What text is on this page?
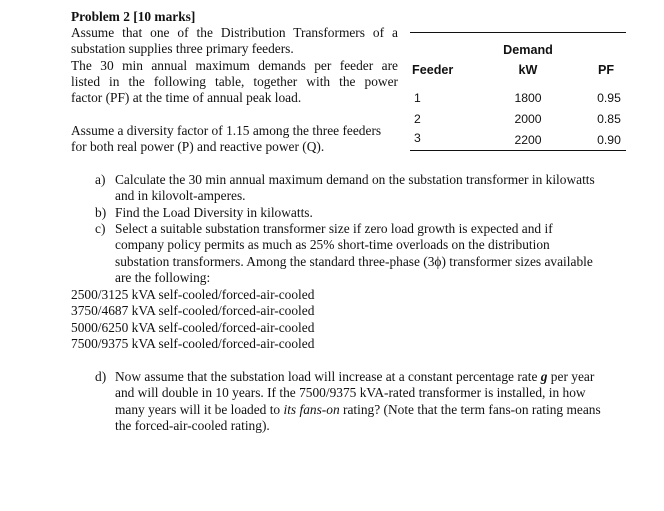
Problem 2 [10 marks]
Assume that one of the Distribution Transformers of a
substation supplies three primary feeders.
The 30 min annual maximum demands per feeder are
listed in the following table, together with the power
factor (PF) at the time of annual peak load.
Assume a diversity factor of 1.15 among the three feeders
for both real power (P) and reactive power (Q).
Demand
Feeder	kW	PF
1	1800	0.95
2	2000	0.85
3	2200	0.90
a) Calculate the 30 min annual maximum demand on the substation transformer in kilowatts
and in kilovolt-amperes.
b) Find the Load Diversity in kilowatts.
c) Select a suitable substation transformer size if zero load growth is expected and if
company policy permits as much as 25% short-time overloads on the distribution
substation transformers. Among the standard three-phase (3ϕ) transformer sizes available
are the following:
2500/3125 kVA self-cooled/forced-air-cooled
3750/4687 kVA self-cooled/forced-air-cooled
5000/6250 kVA self-cooled/forced-air-cooled
7500/9375 kVA self-cooled/forced-air-cooled
d) Now assume that the substation load will increase at a constant percentage rate g per year
and will double in 10 years. If the 7500/9375 kVA-rated transformer is installed, in how
many years will it be loaded to its fans-on rating? (Note that the term fans-on rating means
the forced-air-cooled rating).
